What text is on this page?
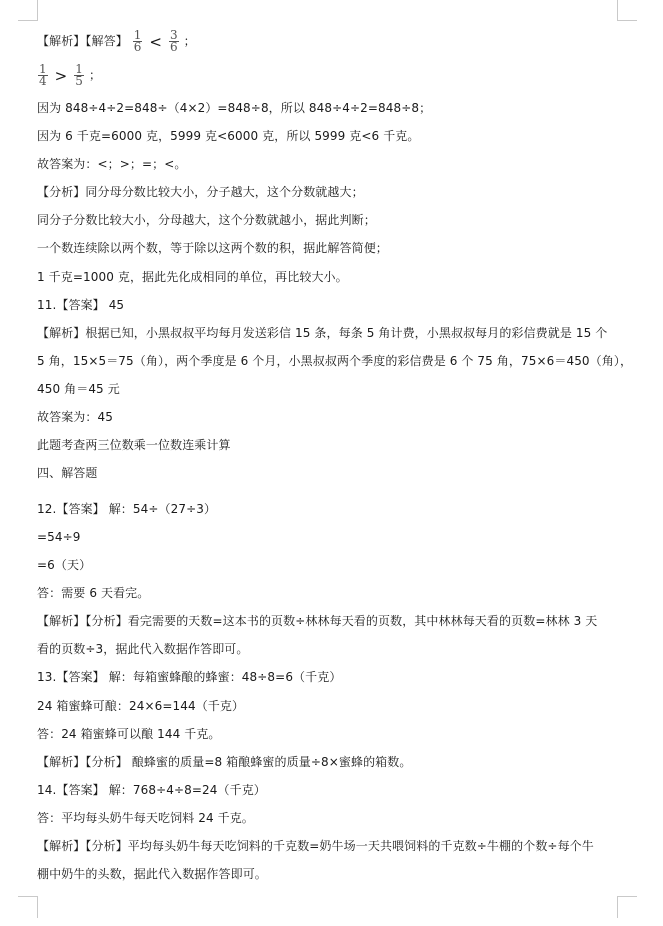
【解析】【解答】 $\frac{1}{6} < \frac{3}{6}$ ；
$\frac{1}{4} > \frac{1}{5}$ ；
因为 848÷4÷2=848÷（4×2）=848÷8，所以 848÷4÷2=848÷8；
因为 6 千克=6000 克，5999 克<6000 克，所以 5999 克<6 千克。
故答案为：<；>；=；<。
【分析】同分母分数比较大小，分子越大，这个分数就越大；
同分子分数比较大小，分母越大，这个分数就越小，据此判断；
一个数连续除以两个数，等于除以这两个数的积，据此解答简便；
1 千克=1000 克，据此先化成相同的单位，再比较大小。
11.【答案】 45
【解析】根据已知，小黑叔叔平均每月发送彩信 15 条，每条 5 角计费，小黑叔叔每月的彩信费就是 15 个
5 角，15×5＝75（角），两个季度是 6 个月，小黑叔叔两个季度的彩信费是 6 个 75 角，75×6＝450（角），
450 角＝45 元
故答案为：45
此题考查两三位数乘一位数连乘计算
四、解答题
12.【答案】 解：54÷（27÷3）
=54÷9
=6（天）
答：需要 6 天看完。
【解析】【分析】看完需要的天数=这本书的页数÷林林每天看的页数，其中林林每天看的页数=林林 3 天
看的页数÷3，据此代入数据作答即可。
13.【答案】 解：每箱蜜蜂酿的蜂蜜：48÷8=6（千克）
24 箱蜜蜂可酿：24×6=144（千克）
答：24 箱蜜蜂可以酿 144 千克。
【解析】【分析】 酿蜂蜜的质量=8 箱酿蜂蜜的质量÷8×蜜蜂的箱数。
14.【答案】 解：768÷4÷8=24（千克）
答：平均每头奶牛每天吃饲料 24 千克。
【解析】【分析】平均每头奶牛每天吃饲料的千克数=奶牛场一天共喂饲料的千克数÷牛棚的个数÷每个牛
棚中奶牛的头数，据此代入数据作答即可。
